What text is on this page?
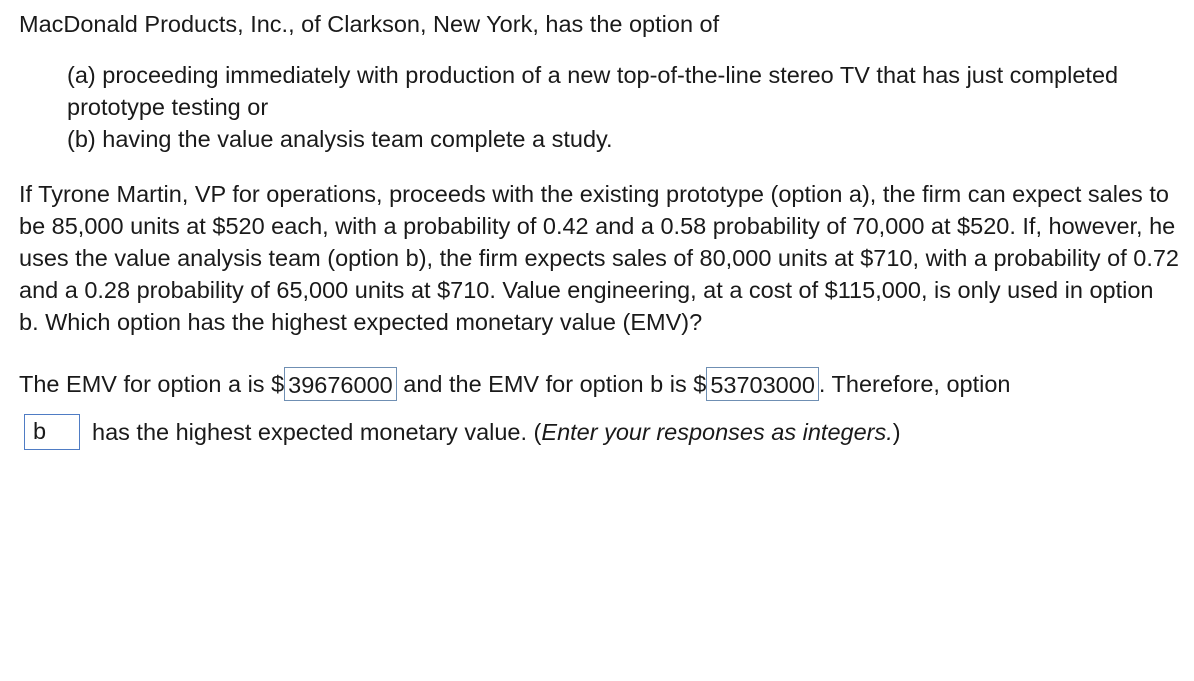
MacDonald Products, Inc., of Clarkson, New York, has the option of

(a) proceeding immediately with production of a new top-of-the-line stereo TV that has just completed prototype testing or

(b) having the value analysis team complete a study.

If Tyrone Martin, VP for operations, proceeds with the existing prototype (option a), the firm can expect sales to be 85,000 units at $520 each, with a probability of 0.42 and a 0.58 probability of 70,000 at $520. If, however, he uses the value analysis team (option b), the firm expects sales of 80,000 units at $710, with a probability of 0.72 and a 0.28 probability of 65,000 units at $710. Value engineering, at a cost of $115,000, is only used in option b. Which option has the highest expected monetary value (EMV)?

The EMV for option a is $ 39676000 and the EMV for option b is $ 53703000 . Therefore, option
b	has the highest expected monetary value. (Enter your responses as integers.)
